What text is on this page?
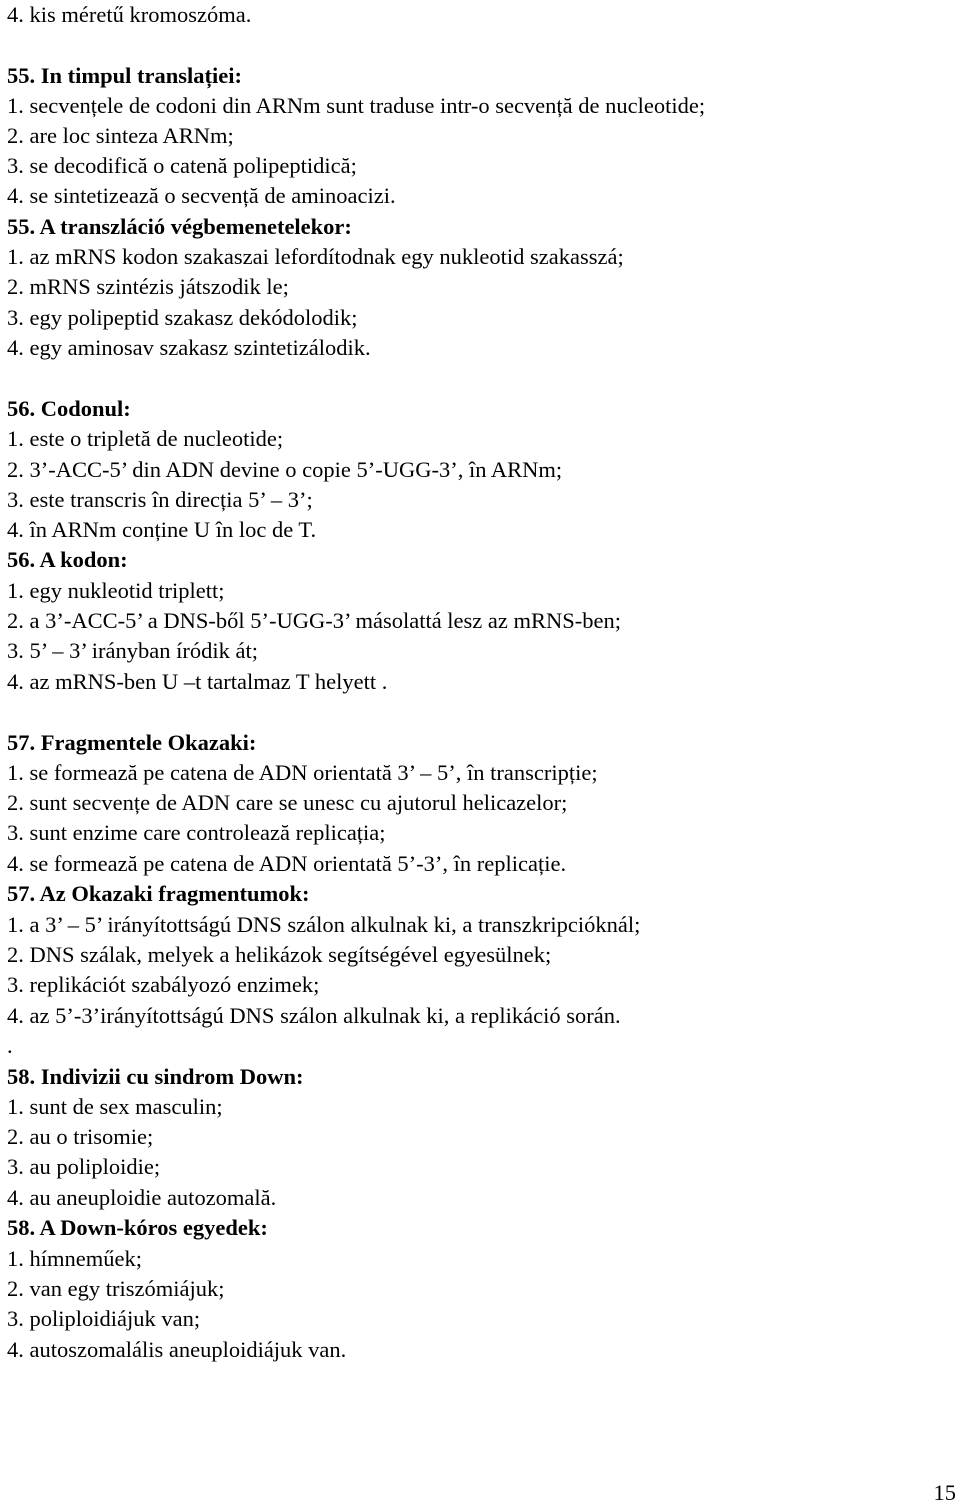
4. kis méretű kromoszóma.
55. In timpul translației:
1. secvențele de codoni din ARNm sunt traduse intr-o secvență de nucleotide;
2. are loc sinteza ARNm;
3. se decodifică o catenă polipeptidică;
4. se sintetizează o secvență de aminoacizi.
55. A transzláció végbemenetelekor:
1. az mRNS kodon szakaszai lefordítodnak egy nukleotid szakasszá;
2. mRNS szintézis játszodik le;
3. egy polipeptid szakasz dekódolodik;
4. egy aminosav szakasz szintetizálodik.
56. Codonul:
1. este o tripletă de nucleotide;
2. 3’-ACC-5’ din ADN devine o copie 5’-UGG-3’, în ARNm;
3. este transcris în direcția 5’ – 3’;
4. în ARNm conține U în loc de T.
56. A kodon:
1. egy nukleotid triplett;
2. a 3’-ACC-5’ a DNS-ből 5’-UGG-3’ másolattá lesz az mRNS-ben;
3. 5’ – 3’ irányban íródik át;
4. az mRNS-ben U –t tartalmaz T helyett .
57. Fragmentele Okazaki:
1. se formează pe catena de ADN orientată 3’ – 5’, în transcripție;
2. sunt secvențe de ADN care se unesc cu ajutorul helicazelor;
3. sunt enzime care controlează replicația;
4. se formează pe catena de ADN orientată 5’-3’, în replicație.
57. Az Okazaki fragmentumok:
1. a 3’ – 5’ irányítottságú DNS szálon alkulnak ki, a transzkripcióknál;
2. DNS szálak, melyek a helikázok segítségével egyesülnek;
3. replikációt szabályozó enzimek;
4. az 5’-3’irányítottságú DNS szálon alkulnak ki, a replikáció során.
.
58. Indivizii cu sindrom Down:
1. sunt de sex masculin;
2. au o trisomie;
3. au poliploidie;
4. au aneuploidie autozomală.
58. A Down-kóros egyedek:
1. hímneműek;
2. van egy triszómiájuk;
3. poliploidiájuk van;
4. autoszomalális aneuploidiájuk van.
15
